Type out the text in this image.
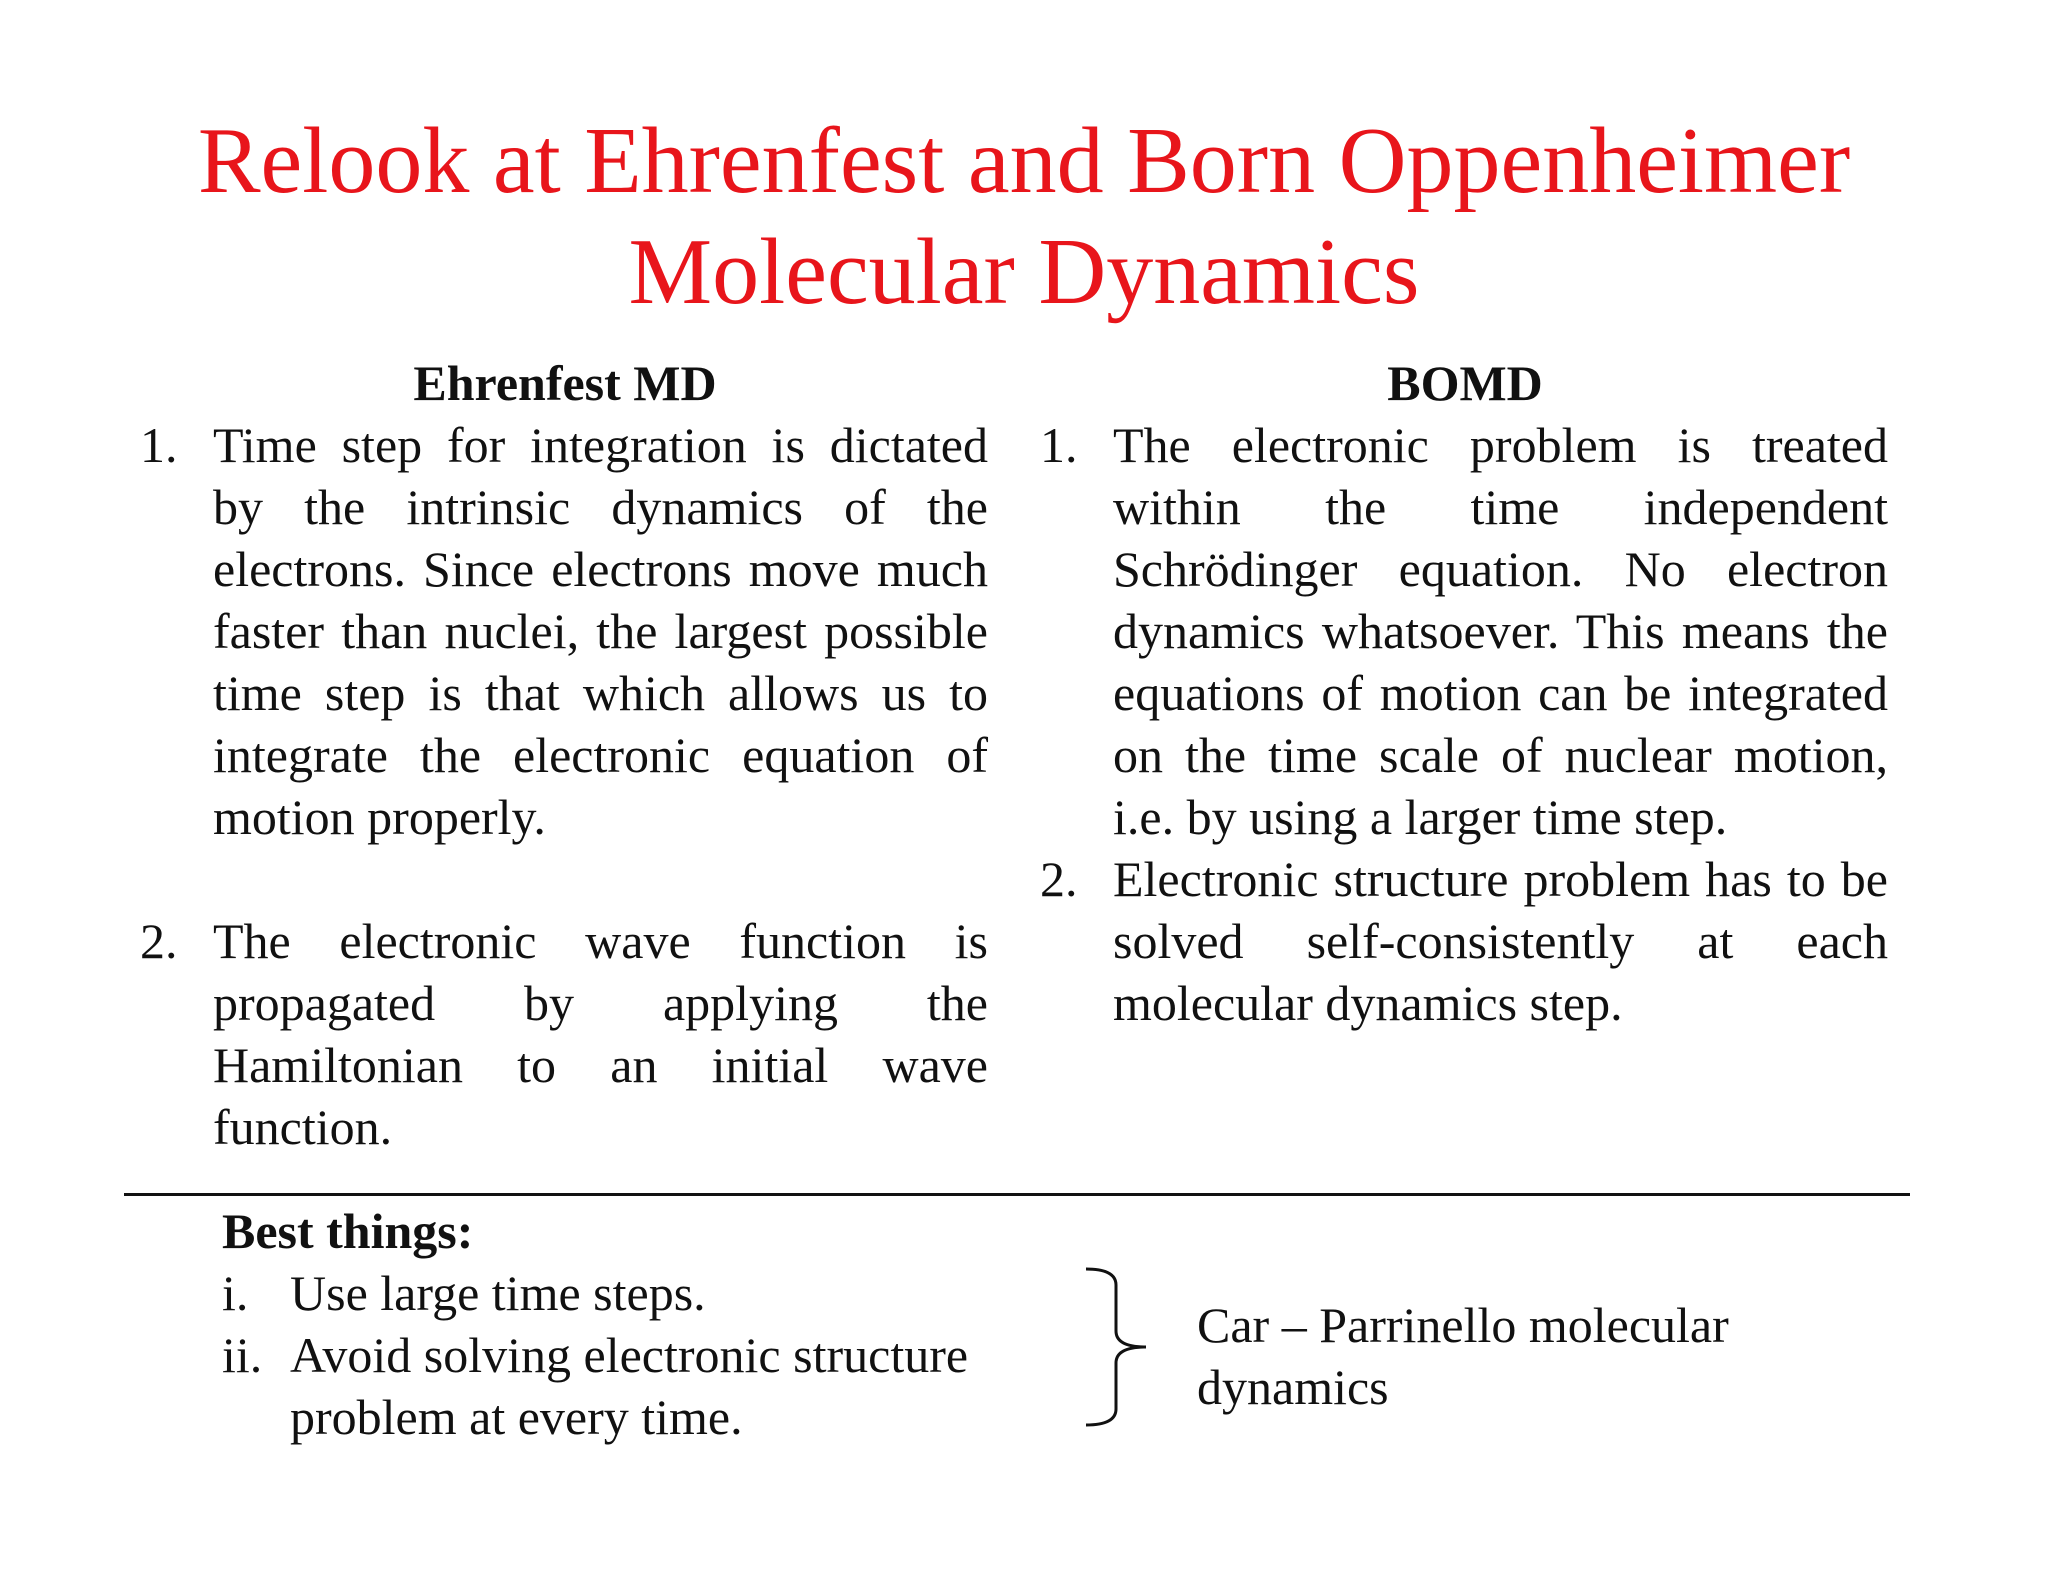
Relook at Ehrenfest and Born Oppenheimer
Molecular Dynamics
Ehrenfest MD
1. Time step for integration is dictated by the intrinsic dynamics of the electrons. Since electrons move much faster than nuclei, the largest possible time step is that which allows us to integrate the electronic equation of motion properly.
2. The electronic wave function is propagated by applying the Hamiltonian to an initial wave function.
BOMD
1. The electronic problem is treated within the time independent Schrödinger equation. No electron dynamics whatsoever. This means the equations of motion can be integrated on the time scale of nuclear motion, i.e. by using a larger time step.
2. Electronic structure problem has to be solved self-consistently at each molecular dynamics step.
Best things:
i. Use large time steps.
ii. Avoid solving electronic structure problem at every time.
Car – Parrinello molecular dynamics
